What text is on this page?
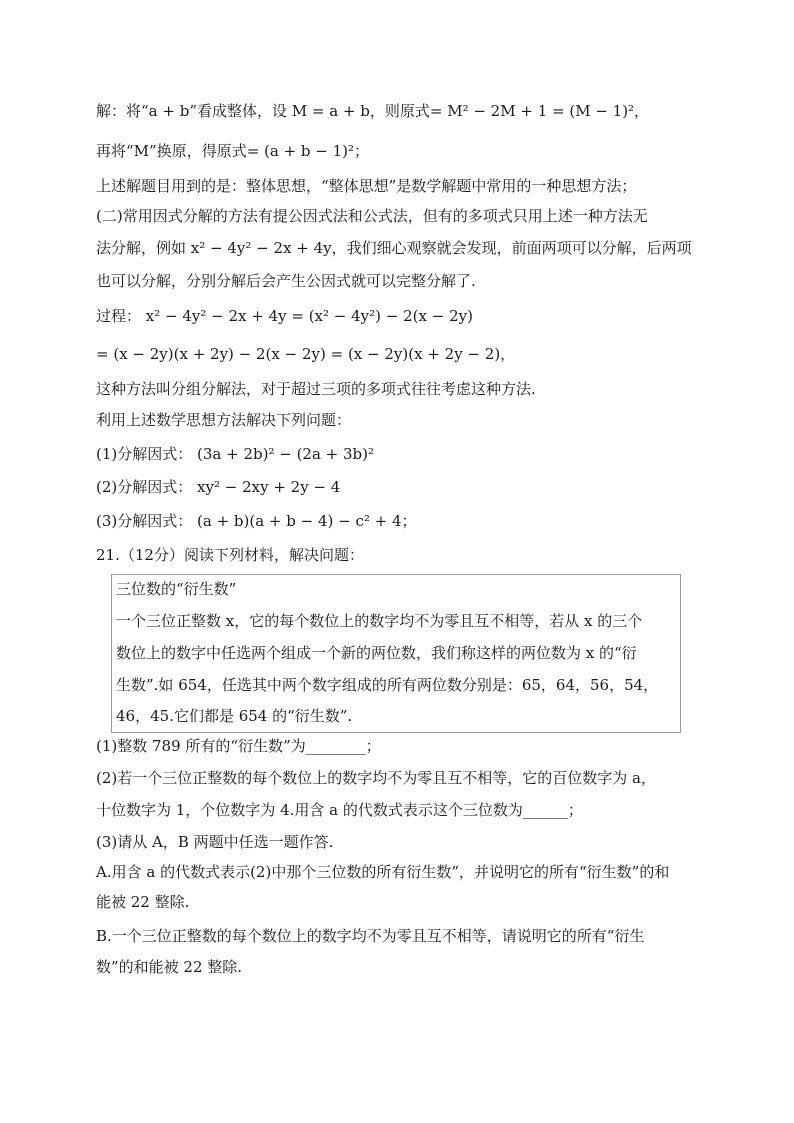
解：将“a + b”看成整体，设 M = a + b，则原式= M² − 2M + 1 = (M − 1)²，
再将“M”换原，得原式= (a + b − 1)²；
上述解题目用到的是：整体思想，“整体思想”是数学解题中常用的一种思想方法；
(二)常用因式分解的方法有提公因式法和公式法，但有的多项式只用上述一种方法无
法分解，例如 x² − 4y² − 2x + 4y，我们细心观察就会发现，前面两项可以分解，后两项
也可以分解，分别分解后会产生公因式就可以完整分解了.
过程： x² − 4y² − 2x + 4y = (x² − 4y²) − 2(x − 2y)
= (x − 2y)(x + 2y) − 2(x − 2y) = (x − 2y)(x + 2y − 2)，
这种方法叫分组分解法，对于超过三项的多项式往往考虑这种方法.
利用上述数学思想方法解决下列问题：
(1)分解因式： (3a + 2b)² − (2a + 3b)²
(2)分解因式： xy² − 2xy + 2y − 4
(3)分解因式： (a + b)(a + b − 4) − c² + 4；
21.（12分）阅读下列材料，解决问题：
三位数的“衍生数”
一个三位正整数 x，它的每个数位上的数字均不为零且互不相等，若从 x 的三个
数位上的数字中任选两个组成一个新的两位数，我们称这样的两位数为 x 的“衍
生数”.如 654，任选其中两个数字组成的所有两位数分别是：65，64，56，54，
46，45.它们都是 654 的“衍生数”.
(1)整数 789 所有的“衍生数”为________；
(2)若一个三位正整数的每个数位上的数字均不为零且互不相等，它的百位数字为 a，
十位数字为 1，个位数字为 4.用含 a 的代数式表示这个三位数为______；
(3)请从 A，B 两题中任选一题作答.
A.用含 a 的代数式表示(2)中那个三位数的所有衍生数”，并说明它的所有“衍生数”的和
能被 22 整除.
B.一个三位正整数的每个数位上的数字均不为零且互不相等，请说明它的所有“衍生
数”的和能被 22 整除.
